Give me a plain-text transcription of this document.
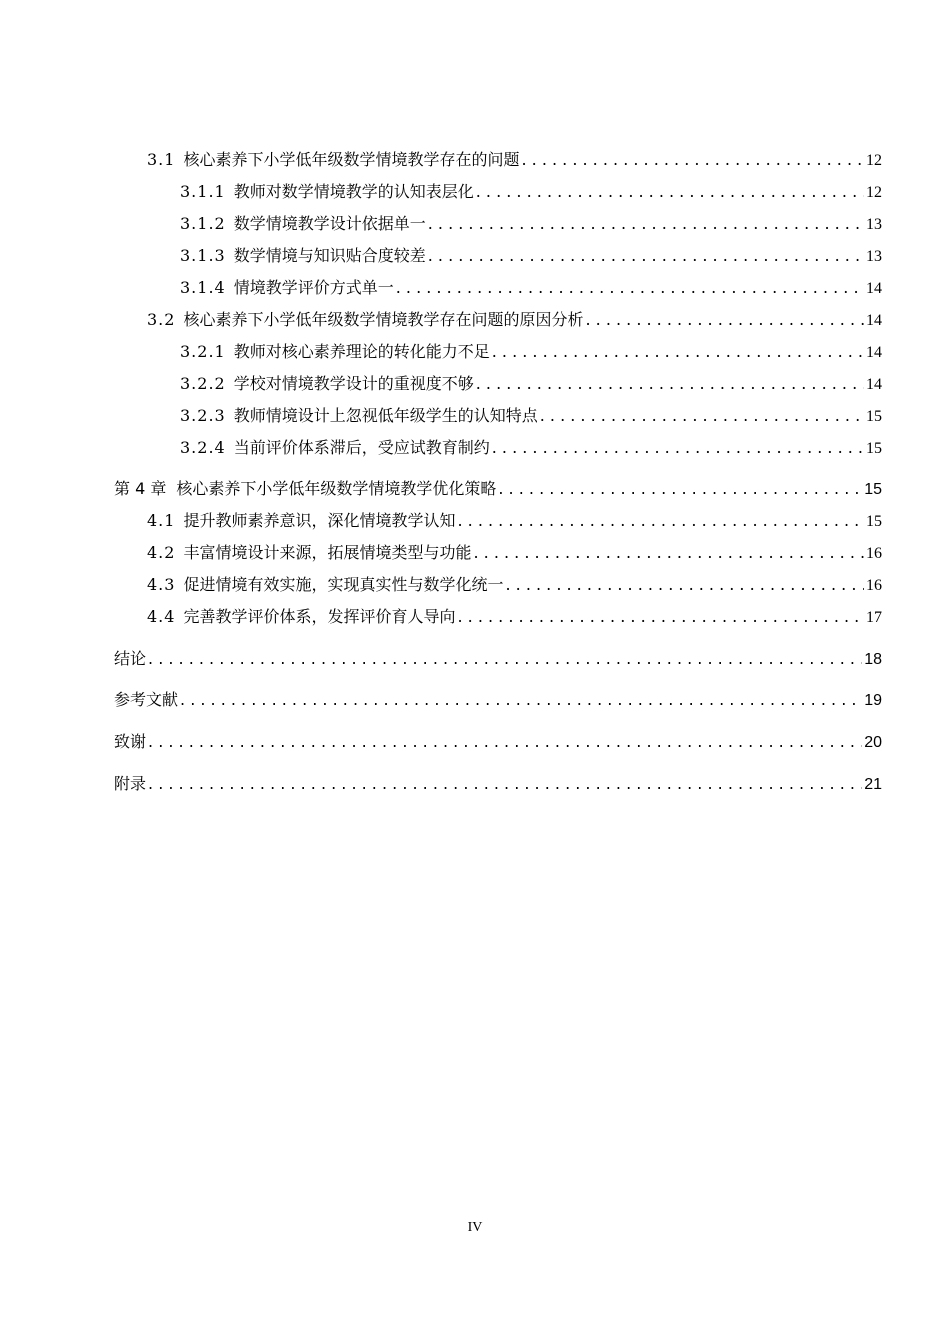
3.1 核心素养下小学低年级数学情境教学存在的问题 . . .	12
3.1.1 教师对数学情境教学的认知表层化 . . .	12
3.1.2 数学情境教学设计依据单一 . . .	13
3.1.3 数学情境与知识贴合度较差 . . .	13
3.1.4 情境教学评价方式单一 . . .	14
3.2 核心素养下小学低年级数学情境教学存在问题的原因分析 . . .	14
3.2.1 教师对核心素养理论的转化能力不足 . . .	14
3.2.2 学校对情境教学设计的重视度不够 . . .	14
3.2.3 教师情境设计上忽视低年级学生的认知特点 . . .	15
3.2.4 当前评价体系滞后，受应试教育制约 . . .	15
第 4 章 核心素养下小学低年级数学情境教学优化策略 . . .	15
4.1 提升教师素养意识，深化情境教学认知 . . .	15
4.2 丰富情境设计来源，拓展情境类型与功能 . . .	16
4.3 促进情境有效实施，实现真实性与数学化统一 . . .	16
4.4 完善教学评价体系，发挥评价育人导向 . . .	17
结论 . . .	18
参考文献 . . .	19
致谢 . . .	20
附录 . . .	21
IV
